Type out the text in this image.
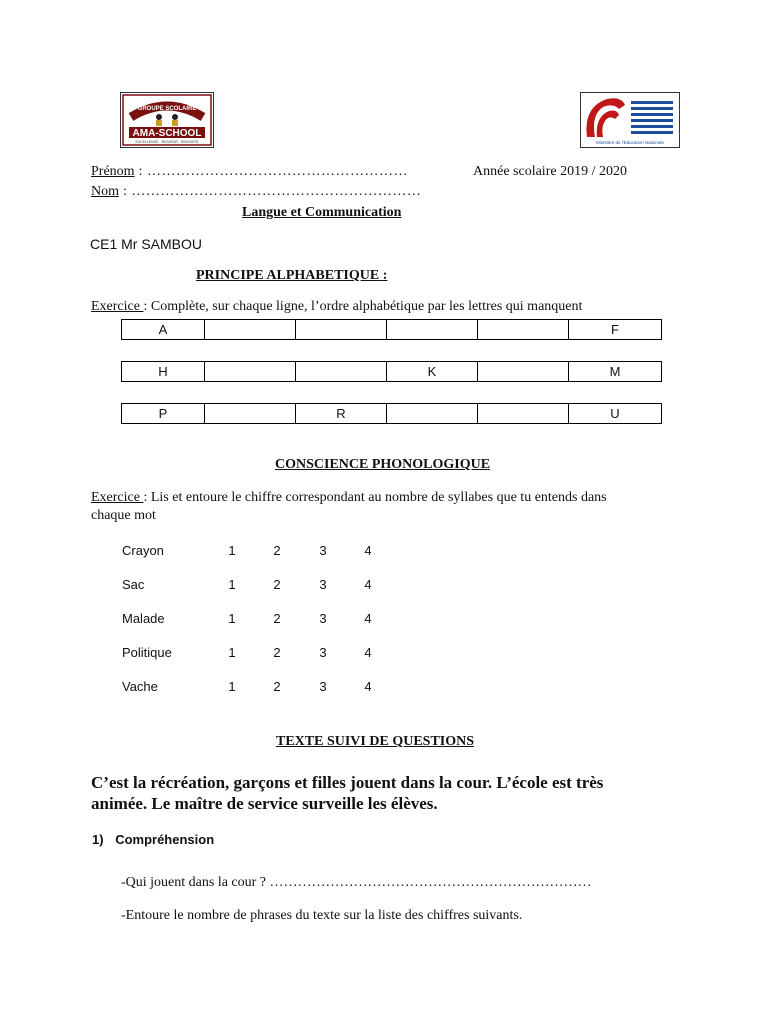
GROUPE SCOLAIRE
AMA-SCHOOL
EXCELLENCE · RIGUEUR · REUSSITE	Ministère de l'Education Nationale
Prénom : ………………………………………………	Année scolaire 2019 / 2020
Nom : ……………………………………………………
Langue et Communication
CE1 Mr SAMBOU
PRINCIPE ALPHABETIQUE :
Exercice : Complète, sur chaque ligne, l’ordre alphabétique par les lettres qui manquent
A					F
H			K		M
P		R			U
CONSCIENCE PHONOLOGIQUE
Exercice : Lis et entoure le chiffre correspondant au nombre de syllabes que tu entends dans
chaque mot
Crayon	1	2	3	4
Sac	1	2	3	4
Malade	1	2	3	4
Politique	1	2	3	4
Vache	1	2	3	4
TEXTE SUIVI DE QUESTIONS
C’est la récréation, garçons et filles jouent dans la cour. L’école est très
animée. Le maître de service surveille les élèves.
1) Compréhension
-Qui jouent dans la cour ? ……………………………………………………………
-Entoure le nombre de phrases du texte sur la liste des chiffres suivants.
